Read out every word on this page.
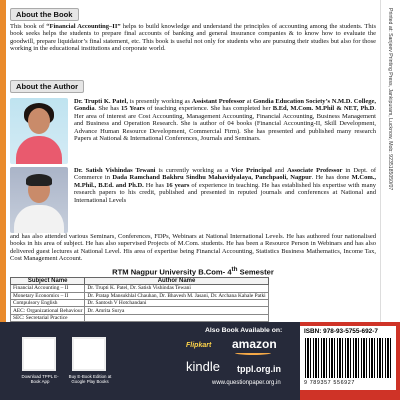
Printed at: Sanjeev Printing Press, Jankipuram, Lucknow, Mob: 9235185050/07
About the Book

This book of “Financial Accounting–II” helps to build knowledge and understand the principles of accounting among the students. This book seeks helps the students to prepare final accounts of banking and general insurance companies & to know how to evaluate the goodwill, prepare liquidator’s final statement, etc. This book is useful not only for students who are pursuing their studies but also for those working in the educational institutions and corporate world.

About the Author

Dr. Trupti K. Patel, is presently working as Assistant Professor at Gondia Education Society’s N.M.D. College, Gondia. She has 15 Years of teaching experience. She has completed her B.Ed, M.Com. M.Phil & NET, Ph.D. Her area of interest are Cost Accounting, Management Accounting, Financial Accounting, Business Management and Business and Operation Research. She is author of 04 books (Financial Accounting-II, Skill Development, Advance Human Resource Development, Commercial Firm). She has presented and published many research Papers at National & International Conferences, Journals and Seminars.

Dr. Satish Vishindas Tewani is currently working as a Vice Principal and Associate Professor in Dept. of Commerce in Dada Ramchand Bakhru Sindhu Mahavidyalaya, Panchpaoli, Nagpur. He has done M.Com., M.Phil., B.Ed. and Ph.D. He has 16 years of experience in teaching. He has established his expertise with many research papers to his credit, published and presented in reputed journals and conferences at National and International Levels

and has also attended various Seminars, Conferences, FDPs, Webinars at National International Levels. He has authored four nationalised books in his area of subject. He has also supervised Projects of M.Com. students. He has been a Resource Person in Webinars and has also delivered guest lectures at National Level. His area of expertise being Financial Accounting, Statistics Business Mathematics, Income Tax, Cost Management Account.

RTM Nagpur University B.Com- 4th Semester
Subject Name	Author Name
Financial Accounting – II	Dr. Trupti K. Patel, Dr. Satish Vishindas Tewani
Monetary Economics – II	Dr. Pratap Mansukhlal Chauhan, Dr. Bhavesh M. Jasani, Dr. Archana Kahale Patki
Compulsory English	Dr. Santosh V Hotchandani
AEC: Organizational Behaviour	Dr. Amrita Surya
SEC: Secretarial Practice	
Download TPPL E-Book App
Buy E-Book Edition at Google Play Books
Also Book Available on:
Flipkart amazon
kindle tppl.org.in
www.questionpaper.org.in
ISBN: 978-93-5755-692-7
9 789357 556927
